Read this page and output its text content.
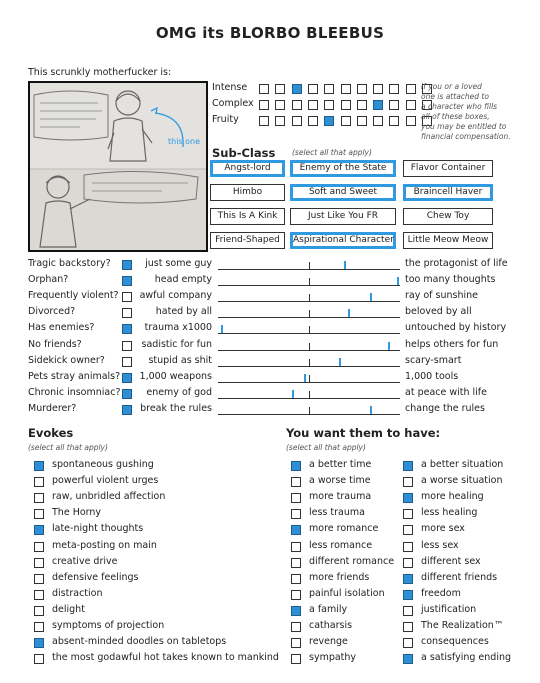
OMG its BLORBO BLEEBUS
This scrunkly motherfucker is:
this one
Intense
Complex
Fruity
If you or a loved
one is attached to
a character who fills
all of these boxes,
you may be entitled to
financial compensation.
Sub-Class (select all that apply)
Angst-lord	Enemy of the State	Flavor Container
Himbo	Soft and Sweet	Braincell Haver
This Is A Kink	Just Like You FR	Chew Toy
Friend-Shaped	Aspirational Character	Little Meow Meow
Tragic backstory?	just some guy	the protagonist of life
Orphan?	head empty	too many thoughts
Frequently violent? awful company	ray of sunshine
Divorced?	hated by all	beloved by all
Has enemies?	trauma x1000	untouched by history
No friends?	sadistic for fun	helps others for fun
Sidekick owner?	stupid as shit	scary-smart
Pets stray animals? 1,000 weapons	1,000 tools
Chronic insomniac?	enemy of god	at peace with life
Murderer?	break the rules	change the rules
Evokes
(select all that apply)
spontaneous gushing
powerful violent urges
raw, unbridled affection
The Horny
late-night thoughts
meta-posting on main
creative drive
defensive feelings
distraction
delight
symptoms of projection
absent-minded doodles on tabletops
the most godawful hot takes known to mankind
You want them to have:
(select all that apply)
a better time
a worse time
more trauma
less trauma
more romance
less romance
different romance
more friends
painful isolation
a family
catharsis
revenge
sympathy
a better situation
a worse situation
more healing
less healing
more sex
less sex
different sex
different friends
freedom
justification
The Realization™
consequences
a satisfying ending
